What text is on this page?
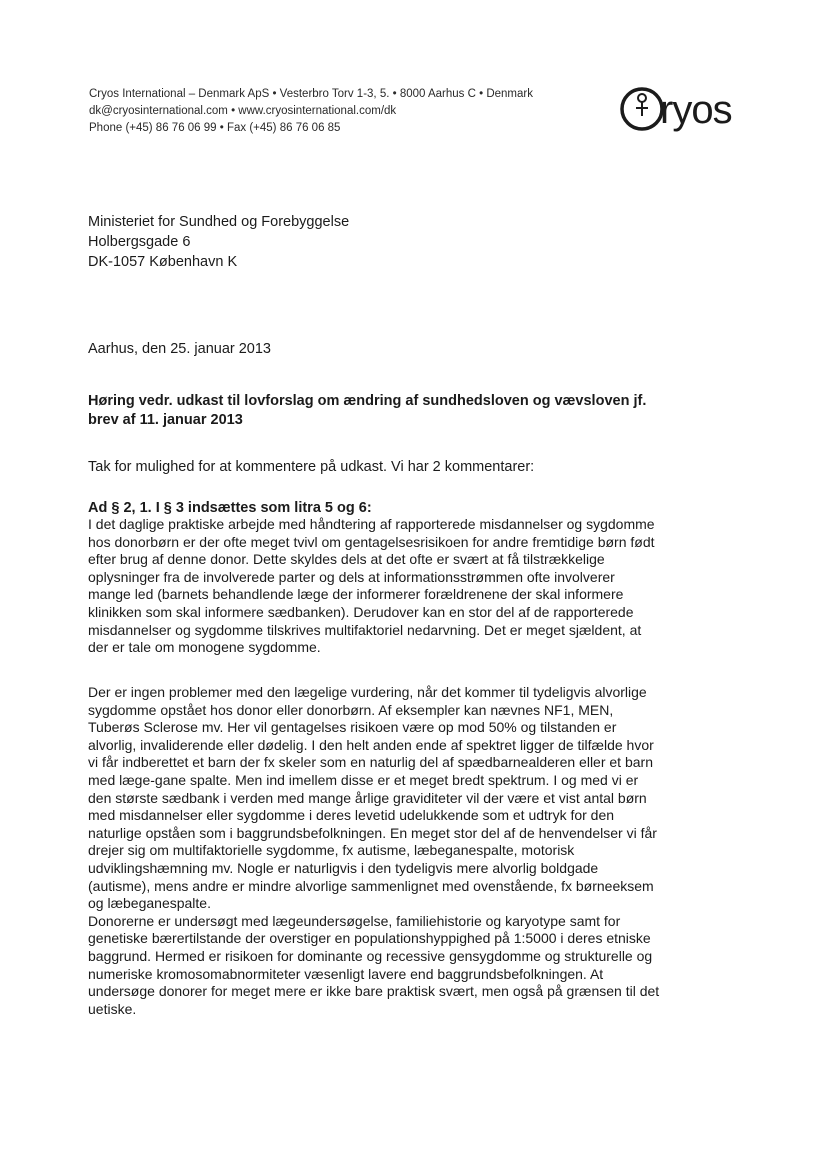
Cryos International – Denmark ApS • Vesterbro Torv 1-3, 5. • 8000 Aarhus C • Denmark
dk@cryosinternational.com • www.cryosinternational.com/dk
Phone (+45) 86 76 06 99 • Fax (+45) 86 76 06 85	ryos
Ministeriet for Sundhed og Forebyggelse
Holbergsgade 6
DK-1057 København K
Aarhus, den 25. januar 2013
Høring vedr. udkast til lovforslag om ændring af sundhedsloven og vævsloven jf.
brev af 11. januar 2013
Tak for mulighed for at kommentere på udkast. Vi har 2 kommentarer:
Ad § 2, 1. I § 3 indsættes som litra 5 og 6:
I det daglige praktiske arbejde med håndtering af rapporterede misdannelser og sygdomme
hos donorbørn er der ofte meget tvivl om gentagelsesrisikoen for andre fremtidige børn født
efter brug af denne donor. Dette skyldes dels at det ofte er svært at få tilstrækkelige
oplysninger fra de involverede parter og dels at informationsstrømmen ofte involverer
mange led (barnets behandlende læge der informerer forældrenene der skal informere
klinikken som skal informere sædbanken). Derudover kan en stor del af de rapporterede
misdannelser og sygdomme tilskrives multifaktoriel nedarvning. Det er meget sjældent, at
der er tale om monogene sygdomme.
Der er ingen problemer med den lægelige vurdering, når det kommer til tydeligvis alvorlige
sygdomme opstået hos donor eller donorbørn. Af eksempler kan nævnes NF1, MEN,
Tuberøs Sclerose mv. Her vil gentagelses risikoen være op mod 50% og tilstanden er
alvorlig, invaliderende eller dødelig. I den helt anden ende af spektret ligger de tilfælde hvor
vi får indberettet et barn der fx skeler som en naturlig del af spædbarnealderen eller et barn
med læge-gane spalte. Men ind imellem disse er et meget bredt spektrum. I og med vi er
den største sædbank i verden med mange årlige graviditeter vil der være et vist antal børn
med misdannelser eller sygdomme i deres levetid udelukkende som et udtryk for den
naturlige opståen som i baggrundsbefolkningen. En meget stor del af de henvendelser vi får
drejer sig om multifaktorielle sygdomme, fx autisme, læbeganespalte, motorisk
udviklingshæmning mv. Nogle er naturligvis i den tydeligvis mere alvorlig boldgade
(autisme), mens andre er mindre alvorlige sammenlignet med ovenstående, fx børneeksem
og læbeganespalte.
Donorerne er undersøgt med lægeundersøgelse, familiehistorie og karyotype samt for
genetiske bærertilstande der overstiger en populationshyppighed på 1:5000 i deres etniske
baggrund. Hermed er risikoen for dominante og recessive gensygdomme og strukturelle og
numeriske kromosomabnormiteter væsenligt lavere end baggrundsbefolkningen. At
undersøge donorer for meget mere er ikke bare praktisk svært, men også på grænsen til det
uetiske.
